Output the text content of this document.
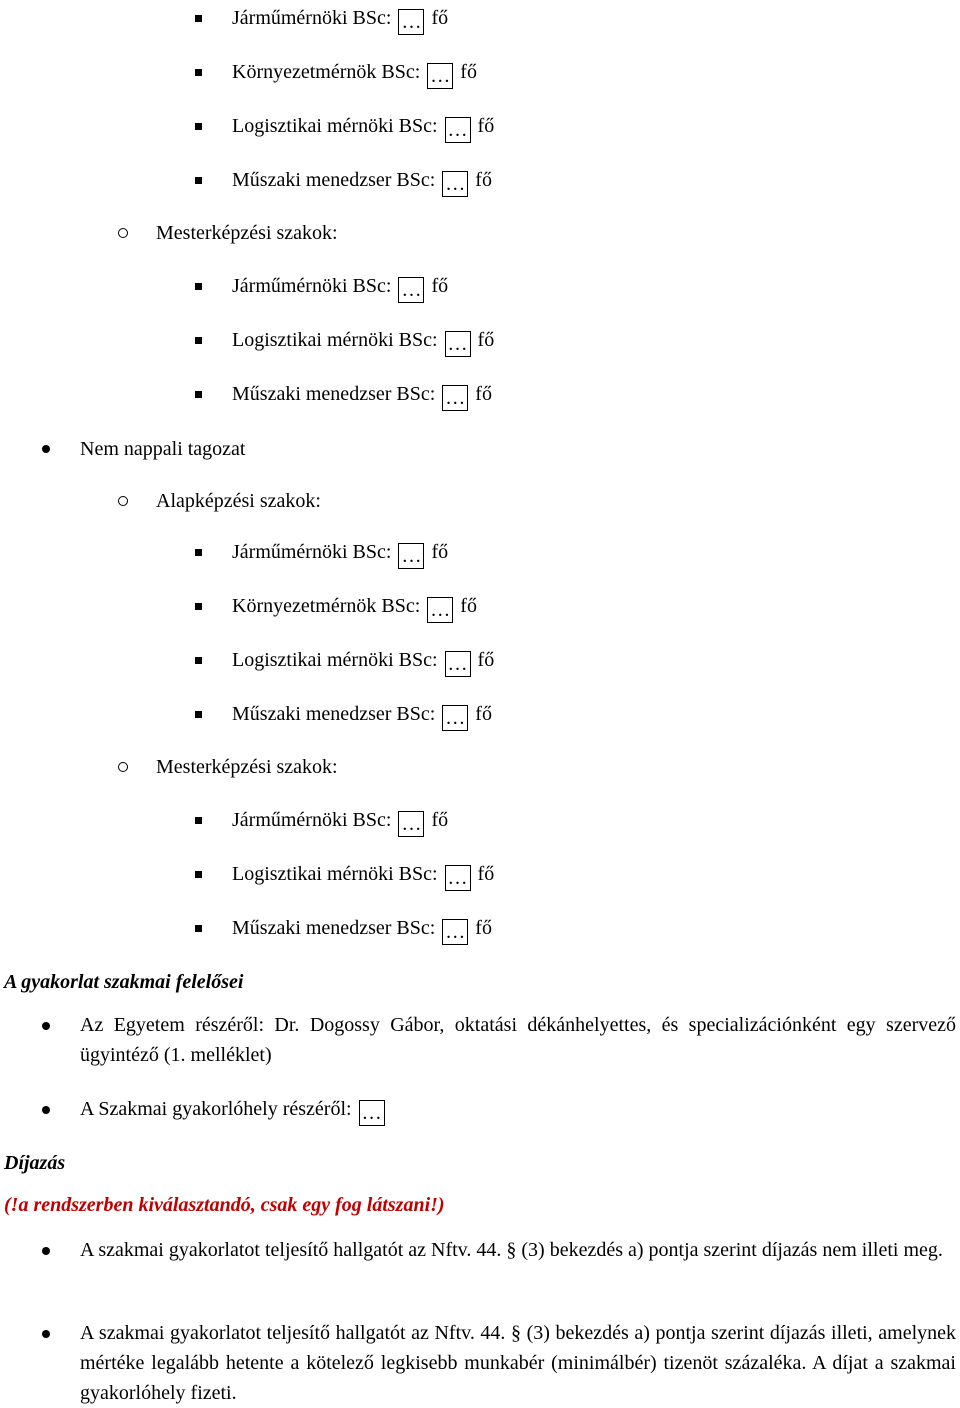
Járműmérnöki BSc: … fő
Környezetmérnök BSc: … fő
Logisztikai mérnöki BSc: … fő
Műszaki menedzser BSc: … fő
Mesterképzési szakok:
Járműmérnöki BSc: … fő
Logisztikai mérnöki BSc: … fő
Műszaki menedzser BSc: … fő
Nem nappali tagozat
Alapképzési szakok:
Járműmérnöki BSc: … fő
Környezetmérnök BSc: … fő
Logisztikai mérnöki BSc: … fő
Műszaki menedzser BSc: … fő
Mesterképzési szakok:
Járműmérnöki BSc: … fő
Logisztikai mérnöki BSc: … fő
Műszaki menedzser BSc: … fő
A gyakorlat szakmai felelősei
Az Egyetem részéről: Dr. Dogossy Gábor, oktatási dékánhelyettes, és specializációnként egy szervező ügyintéző (1. melléklet)
A Szakmai gyakorlóhely részéről: …
Díjazás
(!a rendszerben kiválasztandó, csak egy fog látszani!)
A szakmai gyakorlatot teljesítő hallgatót az Nftv. 44. § (3) bekezdés a) pontja szerint díjazás nem illeti meg.
A szakmai gyakorlatot teljesítő hallgatót az Nftv. 44. § (3) bekezdés a) pontja szerint díjazás illeti, amelynek mértéke legalább hetente a kötelező legkisebb munkabér (minimálbér) tizenöt százaléka. A díjat a szakmai gyakorlóhely fizeti.
